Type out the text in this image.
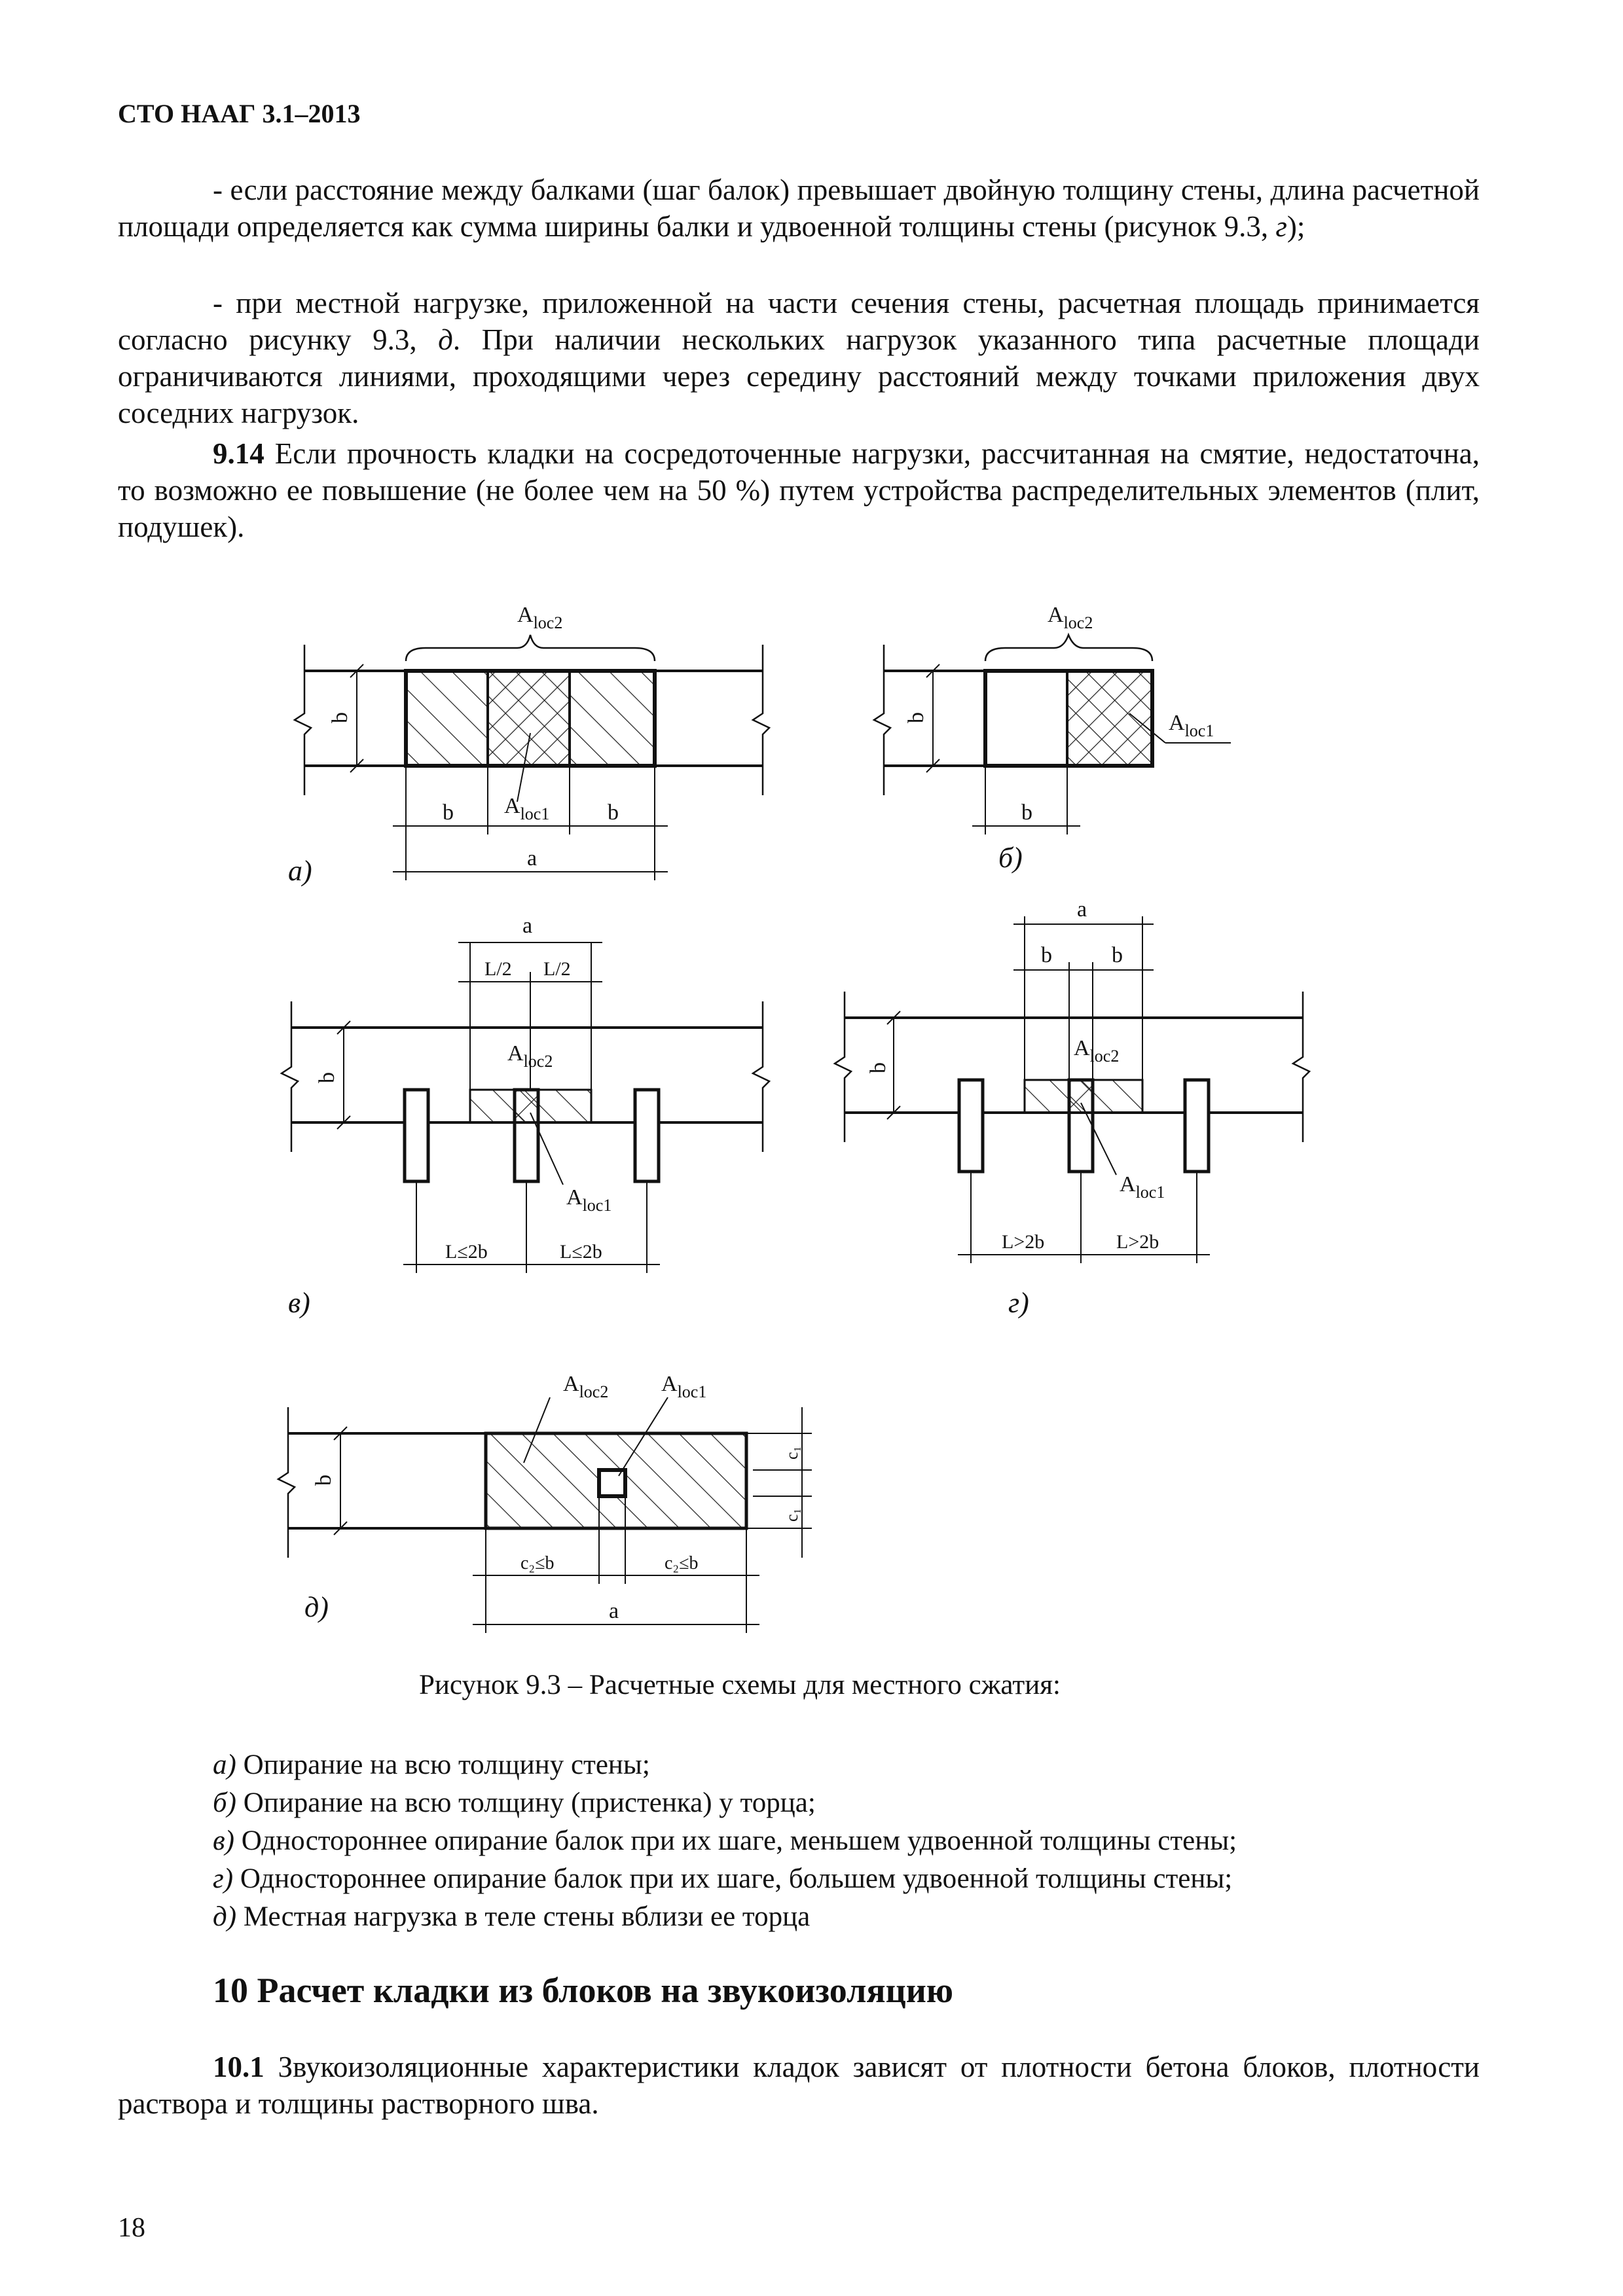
СТО НААГ 3.1–2013
- если расстояние между балками (шаг балок) превышает двойную толщину стены, длина расчетной площади определяется как сумма ширины балки и удвоенной толщины стены (рисунок 9.3, г);
- при местной нагрузке, приложенной на части сечения стены, расчетная площадь принимается согласно рисунку 9.3, д. При наличии нескольких нагрузок указанного типа расчетные площади ограничиваются линиями, проходящими через середину расстояний между точками приложения двух соседних нагрузок.
9.14 Если прочность кладки на сосредоточенные нагрузки, рассчитанная на смятие, недостаточна, то возможно ее повышение (не более чем на 50 %) путем устройства распределительных элементов (плит, подушек).
$A_{loc2}$
b
b	b
$A_{loc1}$
a
а)
$A_{loc2}$
b	$A_{loc1}$
b
б)
a
L/2 L/2
$A_{loc2}$
b
$A_{loc1}$
L≤2b	L≤2b
в)
a
b	b
$A_{loc2}$
b
$A_{loc1}$
L>2b	L>2b
г)
$A_{loc2}$ $A_{loc1}$
b
c₁
c₁
c₂≤b	c₂≤b
a
д)
Рисунок 9.3 – Расчетные схемы для местного сжатия:
а) Опирание на всю толщину стены;
б) Опирание на всю толщину (пристенка) у торца;
в) Одностороннее опирание балок при их шаге, меньшем удвоенной толщины стены;
г) Одностороннее опирание балок при их шаге, большем удвоенной толщины стены;
д) Местная нагрузка в теле стены вблизи ее торца
10 Расчет кладки из блоков на звукоизоляцию
10.1 Звукоизоляционные характеристики кладок зависят от плотности бетона блоков, плотности раствора и толщины растворного шва.
18
